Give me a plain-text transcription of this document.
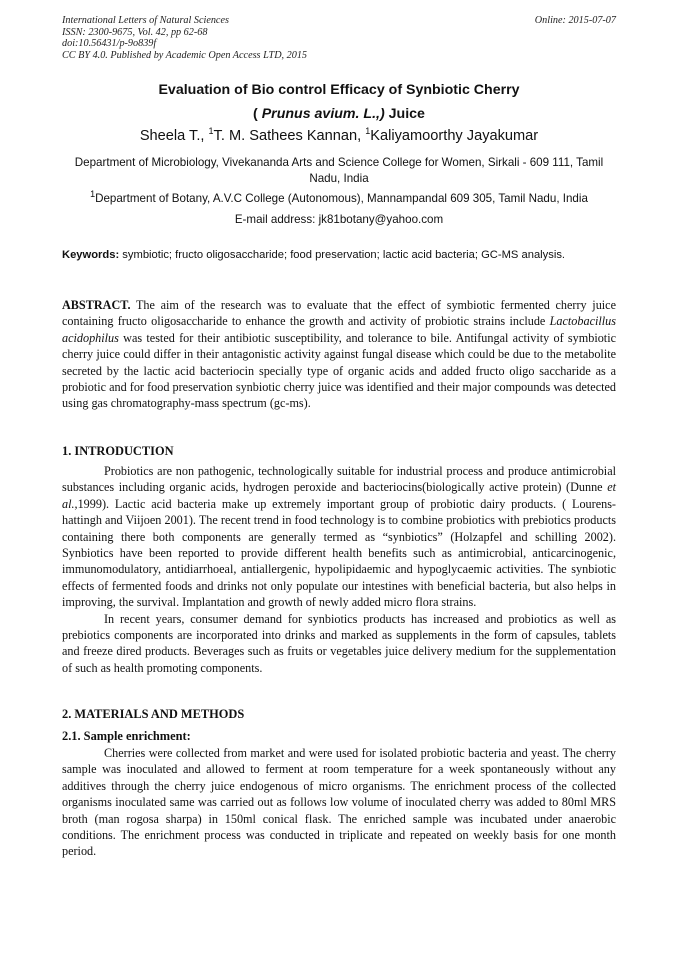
International Letters of Natural Sciences
ISSN: 2300-9675, Vol. 42, pp 62-68
doi:10.56431/p-9o839f
CC BY 4.0. Published by Academic Open Access LTD, 2015
Online: 2015-07-07
Evaluation of Bio control Efficacy of Synbiotic Cherry
( Prunus avium. L.,) Juice
Sheela T., $^1$T. M. Sathees Kannan, $^1$Kaliyamoorthy Jayakumar
Department of Microbiology, Vivekananda Arts and Science College for Women, Sirkali - 609 111, Tamil Nadu, India
$^1$Department of Botany, A.V.C College (Autonomous), Mannampandal 609 305, Tamil Nadu, India
E-mail address: jk81botany@yahoo.com
Keywords: symbiotic; fructo oligosaccharide; food preservation; lactic acid bacteria; GC-MS analysis.

ABSTRACT. The aim of the research was to evaluate that the effect of symbiotic fermented cherry juice containing fructo oligosaccharide to enhance the growth and activity of probiotic strains include Lactobacillus acidophilus was tested for their antibiotic susceptibility, and tolerance to bile. Antifungal activity of symbiotic cherry juice could differ in their antagonistic activity against fungal disease which could be due to the metabolite secreted by the lactic acid bacteriocin specially type of organic acids and added fructo oligo saccharide as a probiotic and for food preservation synbiotic cherry juice was identified and their major compounds was detected using gas chromatography-mass spectrum (gc-ms).

1. INTRODUCTION

Probiotics are non pathogenic, technologically suitable for industrial process and produce antimicrobial substances including organic acids, hydrogen peroxide and bacteriocins(biologically active protein) (Dunne et al.,1999). Lactic acid bacteria make up extremely important group of probiotic dairy products. ( Lourens-hattingh and Viijoen 2001). The recent trend in food technology is to combine probiotics with prebiotics products containing there both components are generally termed as “synbiotics” (Holzapfel and schilling 2002). Synbiotics have been reported to provide different health benefits such as antimicrobial, anticarcinogenic, immunomodulatory, antidiarrhoeal, antiallergenic, hypolipidaemic and hypoglycaemic activities. The synbiotic effects of fermented foods and drinks not only populate our intestines with beneficial bacteria, but also helps in improving, the survival. Implantation and growth of newly added micro flora strains.

In recent years, consumer demand for synbiotics products has increased and probiotics as well as prebiotics components are incorporated into drinks and marked as supplements in the form of capsules, tablets and freeze dired products. Beverages such as fruits or vegetables juice delivery medium for the supplementation of such as health promoting components.

2. MATERIALS AND METHODS
2.1. Sample enrichment:

Cherries were collected from market and were used for isolated probiotic bacteria and yeast. The cherry sample was inoculated and allowed to ferment at room temperature for a week spontaneously without any additives through the cherry juice endogenous of micro organisms. The enrichment process of the collected organisms inoculated same was carried out as follows low volume of inoculated cherry was added to 80ml MRS broth (man rogosa sharpa) in 150ml conical flask. The enriched sample was incubated under anaerobic conditions. The enrichment process was conducted in triplicate and repeated on weekly basis for one month period.
